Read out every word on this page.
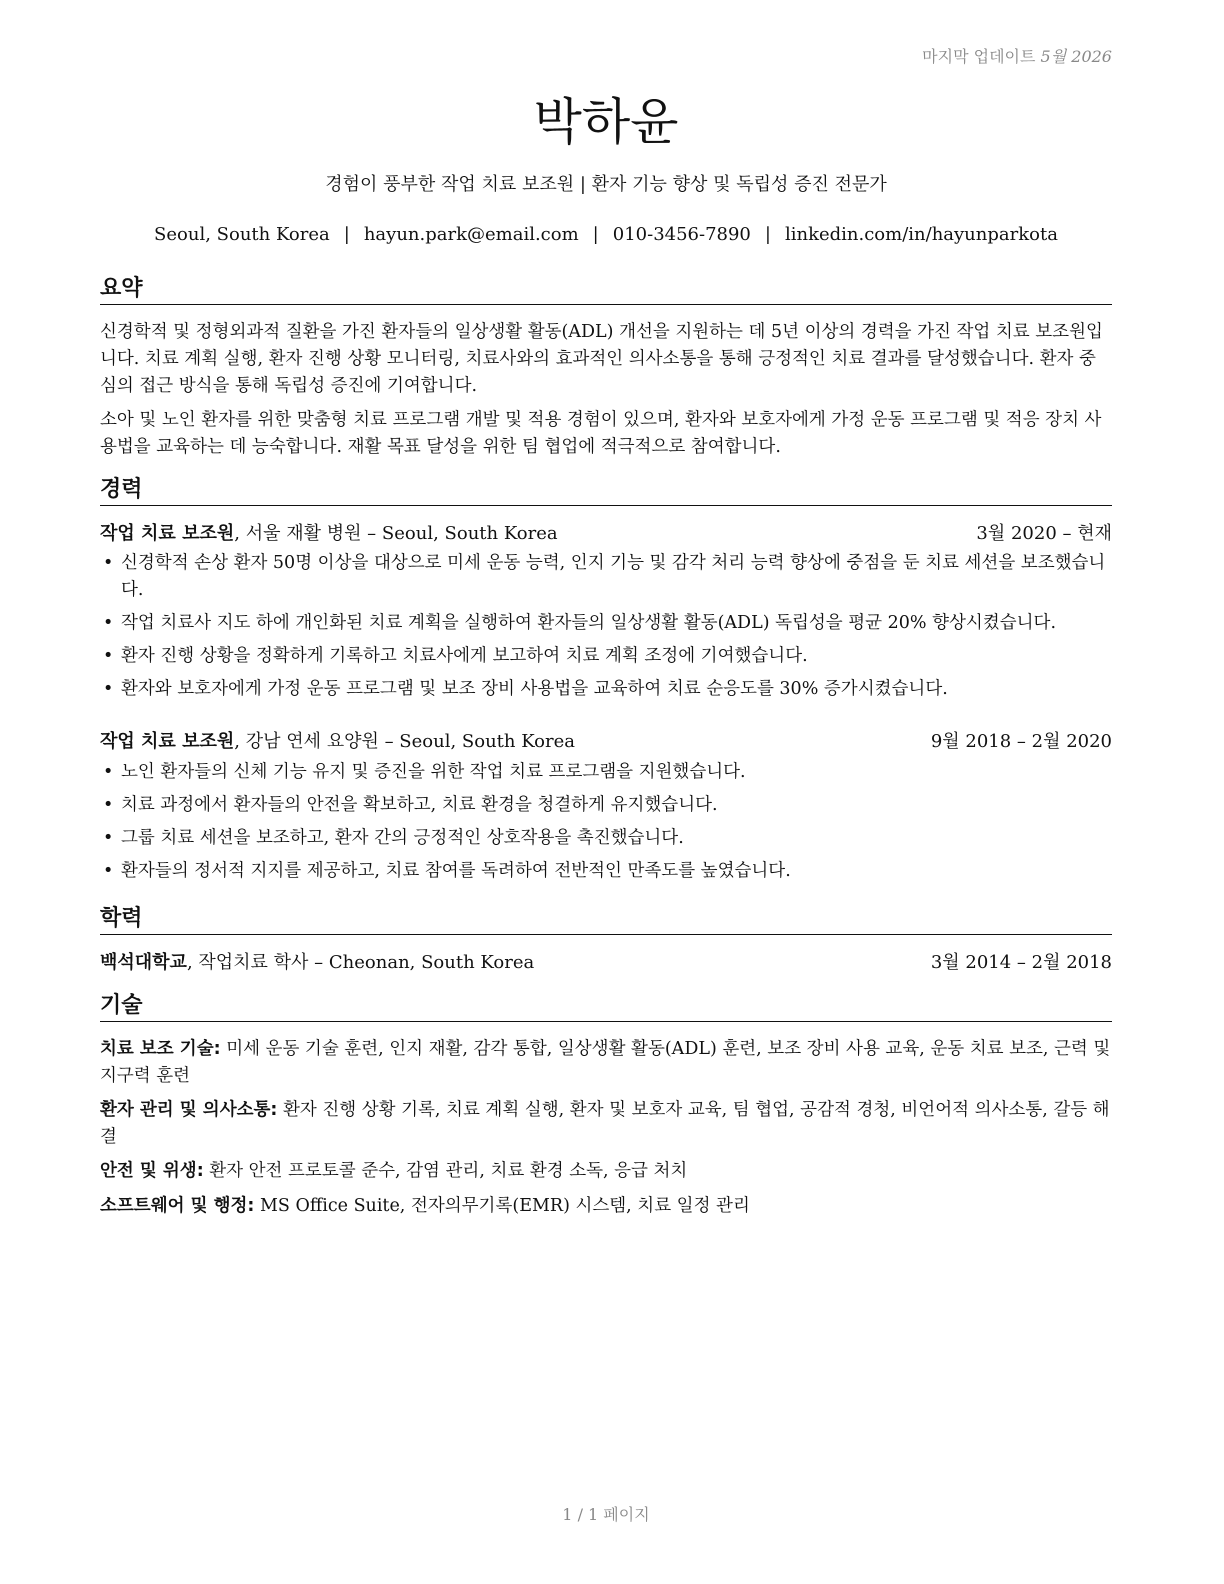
마지막 업데이트 5월 2026
박하윤
경험이 풍부한 작업 치료 보조원 | 환자 기능 향상 및 독립성 증진 전문가
Seoul, South Korea | hayun.park@email.com | 010-3456-7890 | linkedin.com/in/hayunparkota
요약
신경학적 및 정형외과적 질환을 가진 환자들의 일상생활 활동(ADL) 개선을 지원하는 데 5년 이상의 경력을 가진 작업 치료 보조원입니다. 치료 계획 실행, 환자 진행 상황 모니터링, 치료사와의 효과적인 의사소통을 통해 긍정적인 치료 결과를 달성했습니다. 환자 중심의 접근 방식을 통해 독립성 증진에 기여합니다.
소아 및 노인 환자를 위한 맞춤형 치료 프로그램 개발 및 적용 경험이 있으며, 환자와 보호자에게 가정 운동 프로그램 및 적응 장치 사용법을 교육하는 데 능숙합니다. 재활 목표 달성을 위한 팀 협업에 적극적으로 참여합니다.
경력
작업 치료 보조원, 서울 재활 병원 – Seoul, South Korea	3월 2020 – 현재
• 신경학적 손상 환자 50명 이상을 대상으로 미세 운동 능력, 인지 기능 및 감각 처리 능력 향상에 중점을 둔 치료 세션을 보조했습니다.
• 작업 치료사 지도 하에 개인화된 치료 계획을 실행하여 환자들의 일상생활 활동(ADL) 독립성을 평균 20% 향상시켰습니다.
• 환자 진행 상황을 정확하게 기록하고 치료사에게 보고하여 치료 계획 조정에 기여했습니다.
• 환자와 보호자에게 가정 운동 프로그램 및 보조 장비 사용법을 교육하여 치료 순응도를 30% 증가시켰습니다.
작업 치료 보조원, 강남 연세 요양원 – Seoul, South Korea	9월 2018 – 2월 2020
• 노인 환자들의 신체 기능 유지 및 증진을 위한 작업 치료 프로그램을 지원했습니다.
• 치료 과정에서 환자들의 안전을 확보하고, 치료 환경을 청결하게 유지했습니다.
• 그룹 치료 세션을 보조하고, 환자 간의 긍정적인 상호작용을 촉진했습니다.
• 환자들의 정서적 지지를 제공하고, 치료 참여를 독려하여 전반적인 만족도를 높였습니다.
학력
백석대학교, 작업치료 학사 – Cheonan, South Korea	3월 2014 – 2월 2018
기술
치료 보조 기술: 미세 운동 기술 훈련, 인지 재활, 감각 통합, 일상생활 활동(ADL) 훈련, 보조 장비 사용 교육, 운동 치료 보조, 근력 및 지구력 훈련
환자 관리 및 의사소통: 환자 진행 상황 기록, 치료 계획 실행, 환자 및 보호자 교육, 팀 협업, 공감적 경청, 비언어적 의사소통, 갈등 해결
안전 및 위생: 환자 안전 프로토콜 준수, 감염 관리, 치료 환경 소독, 응급 처치
소프트웨어 및 행정: MS Office Suite, 전자의무기록(EMR) 시스템, 치료 일정 관리
1 / 1 페이지
